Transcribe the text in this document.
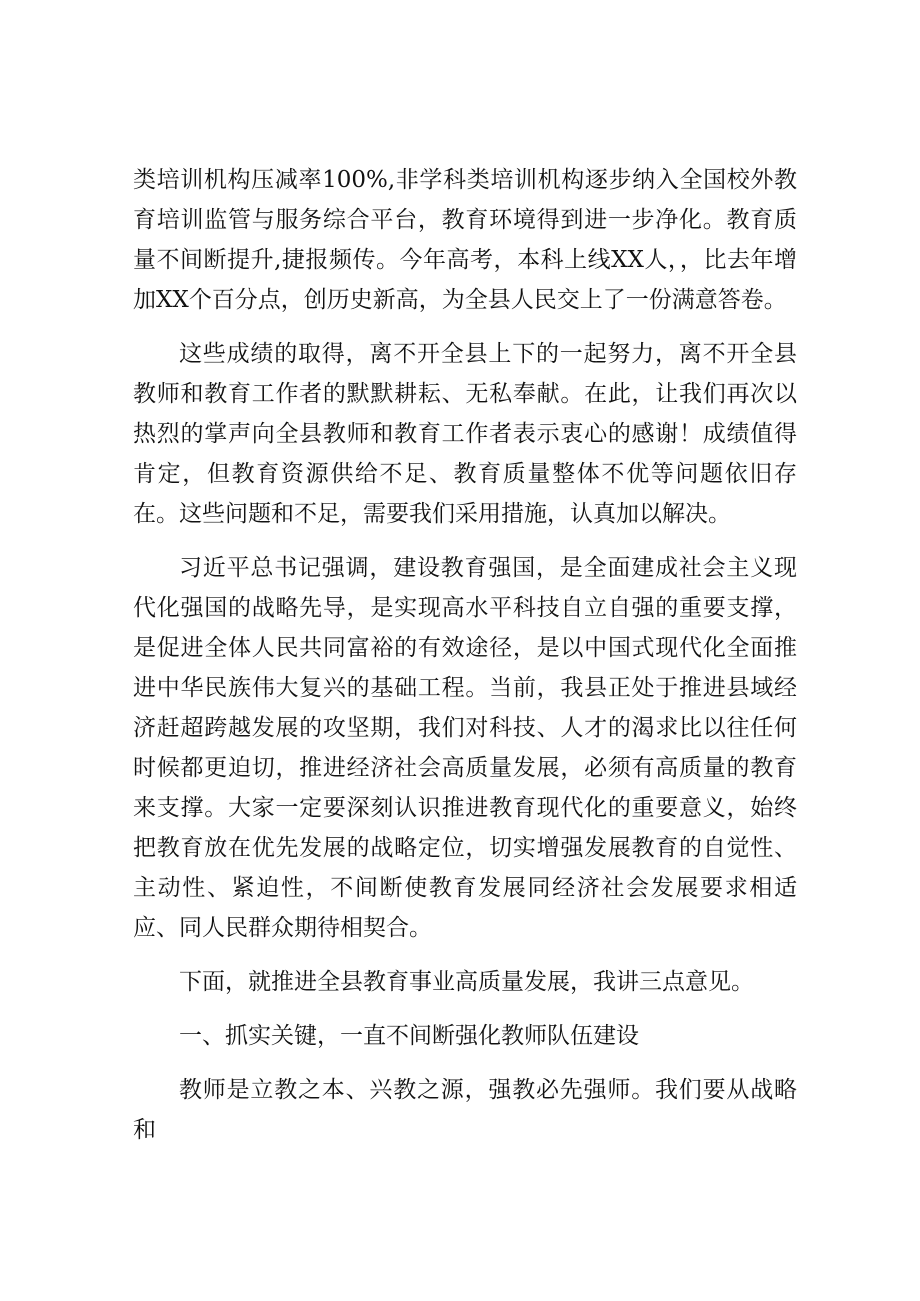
类培训机构压减率100%,非学科类培训机构逐步纳入全国校外教育培训监管与服务综合平台，教育环境得到进一步净化。教育质量不间断提升,捷报频传。今年高考，本科上线XX人，，比去年增加XX个百分点，创历史新高，为全县人民交上了一份满意答卷。

这些成绩的取得，离不开全县上下的一起努力，离不开全县教师和教育工作者的默默耕耘、无私奉献。在此，让我们再次以热烈的掌声向全县教师和教育工作者表示衷心的感谢！成绩值得肯定，但教育资源供给不足、教育质量整体不优等问题依旧存在。这些问题和不足，需要我们采用措施，认真加以解决。

习近平总书记强调，建设教育强国，是全面建成社会主义现代化强国的战略先导，是实现高水平科技自立自强的重要支撑，是促进全体人民共同富裕的有效途径，是以中国式现代化全面推进中华民族伟大复兴的基础工程。当前，我县正处于推进县域经济赶超跨越发展的攻坚期，我们对科技、人才的渴求比以往任何时候都更迫切，推进经济社会高质量发展，必须有高质量的教育来支撑。大家一定要深刻认识推进教育现代化的重要意义，始终把教育放在优先发展的战略定位，切实增强发展教育的自觉性、主动性、紧迫性，不间断使教育发展同经济社会发展要求相适应、同人民群众期待相契合。

下面，就推进全县教育事业高质量发展，我讲三点意见。

一、抓实关键，一直不间断强化教师队伍建设

教师是立教之本、兴教之源，强教必先强师。我们要从战略和
